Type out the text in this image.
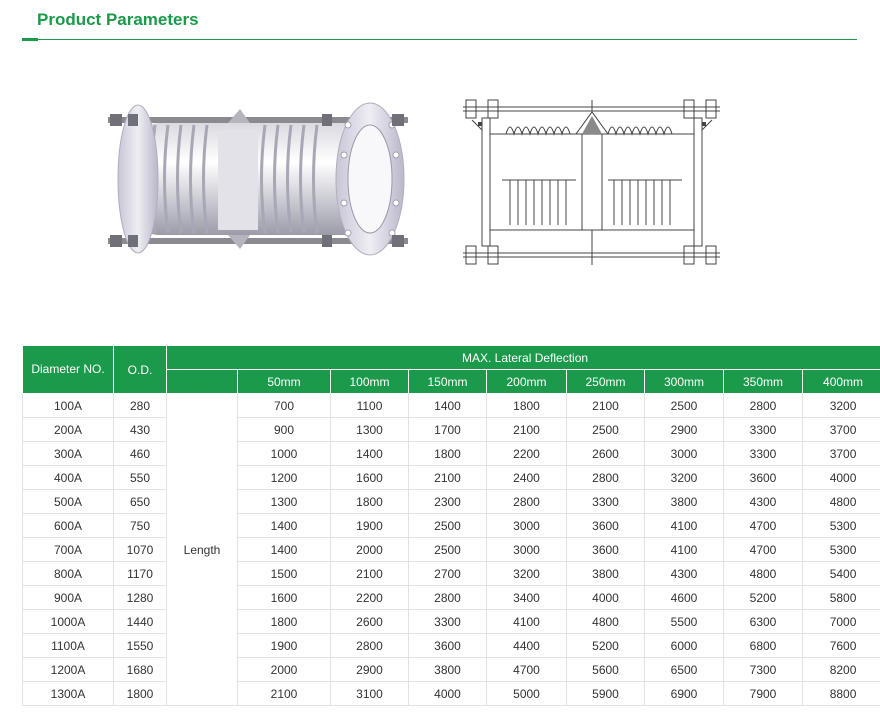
Product Parameters
Diameter NO.	O.D.	MAX. Lateral Deflection								
			50mm	100mm	150mm	200mm	250mm	300mm	350mm	400mm
100A	280	Length	700	1100	1400	1800	2100	2500	2800	3200
200A	430		900	1300	1700	2100	2500	2900	3300	3700
300A	460		1000	1400	1800	2200	2600	3000	3300	3700
400A	550		1200	1600	2100	2400	2800	3200	3600	4000
500A	650		1300	1800	2300	2800	3300	3800	4300	4800
600A	750		1400	1900	2500	3000	3600	4100	4700	5300
700A	1070		1400	2000	2500	3000	3600	4100	4700	5300
800A	1170		1500	2100	2700	3200	3800	4300	4800	5400
900A	1280		1600	2200	2800	3400	4000	4600	5200	5800
1000A	1440		1800	2600	3300	4100	4800	5500	6300	7000
1100A	1550		1900	2800	3600	4400	5200	6000	6800	7600
1200A	1680		2000	2900	3800	4700	5600	6500	7300	8200
1300A	1800		2100	3100	4000	5000	5900	6900	7900	8800
